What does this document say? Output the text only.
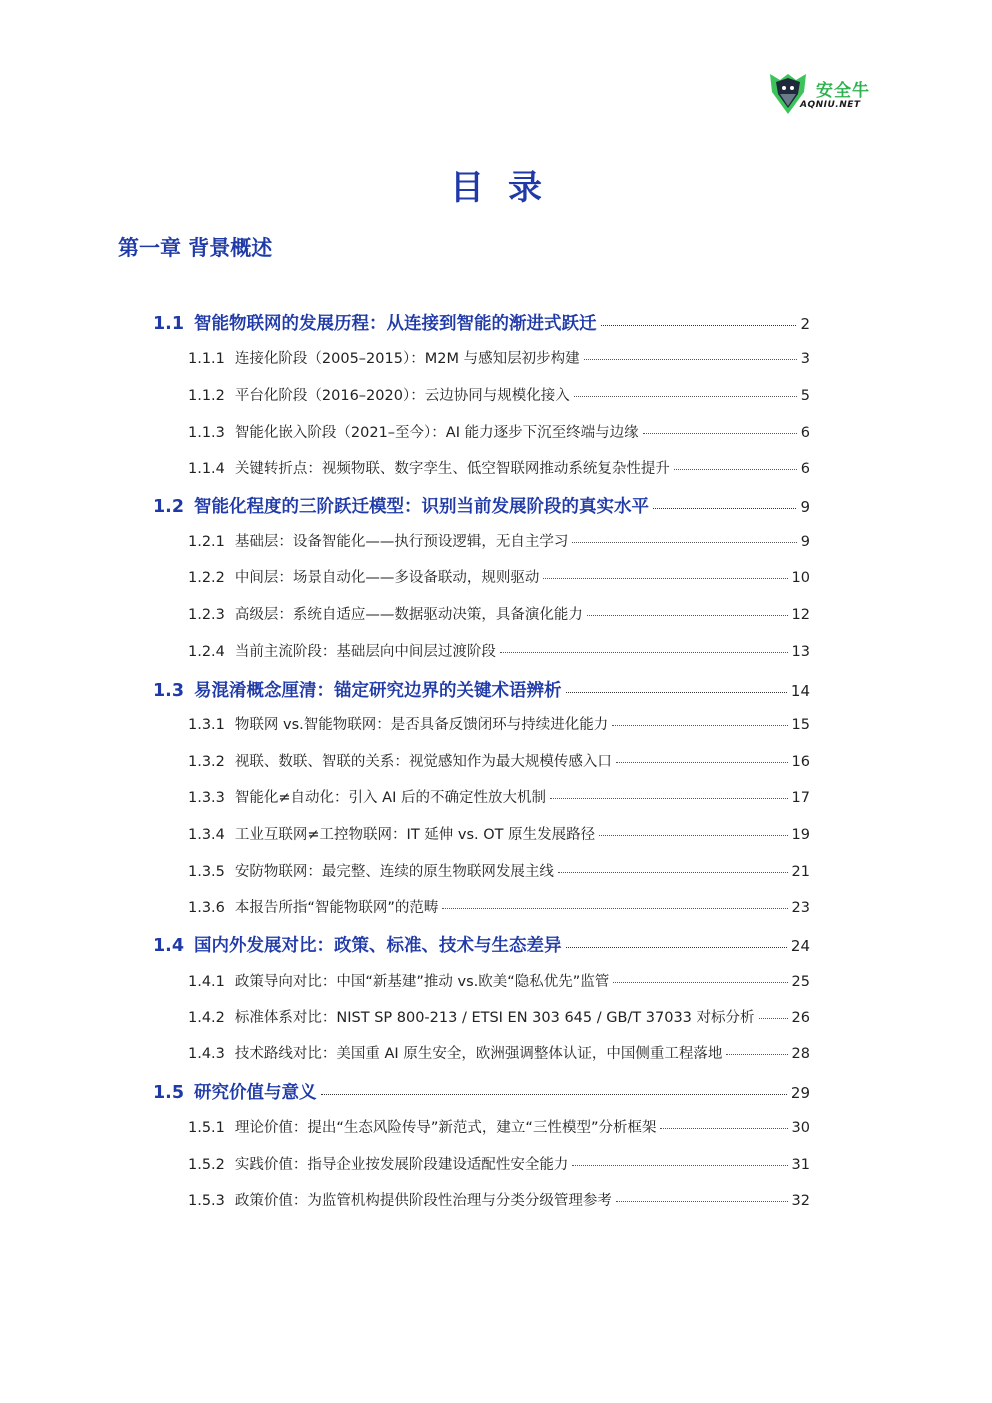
安全牛
AQNIU.NET
目录
第一章 背景概述
1.1 智能物联网的发展历程：从连接到智能的渐进式跃迁	2
1.1.1 连接化阶段（2005–2015）：M2M 与感知层初步构建	3
1.1.2 平台化阶段（2016–2020）：云边协同与规模化接入	5
1.1.3 智能化嵌入阶段（2021–至今）：AI 能力逐步下沉至终端与边缘	6
1.1.4 关键转折点：视频物联、数字孪生、低空智联网推动系统复杂性提升	6
1.2 智能化程度的三阶跃迁模型：识别当前发展阶段的真实水平	9
1.2.1 基础层：设备智能化——执行预设逻辑，无自主学习	9
1.2.2 中间层：场景自动化——多设备联动，规则驱动	10
1.2.3 高级层：系统自适应——数据驱动决策，具备演化能力	12
1.2.4 当前主流阶段：基础层向中间层过渡阶段	13
1.3 易混淆概念厘清：锚定研究边界的关键术语辨析	14
1.3.1 物联网 vs.智能物联网：是否具备反馈闭环与持续进化能力	15
1.3.2 视联、数联、智联的关系：视觉感知作为最大规模传感入口	16
1.3.3 智能化≠自动化：引入 AI 后的不确定性放大机制	17
1.3.4 工业互联网≠工控物联网：IT 延伸 vs. OT 原生发展路径	19
1.3.5 安防物联网：最完整、连续的原生物联网发展主线	21
1.3.6 本报告所指“智能物联网”的范畴	23
1.4 国内外发展对比：政策、标准、技术与生态差异	24
1.4.1 政策导向对比：中国“新基建”推动 vs.欧美“隐私优先”监管	25
1.4.2 标准体系对比：NIST SP 800-213 / ETSI EN 303 645 / GB/T 37033 对标分析	26
1.4.3 技术路线对比：美国重 AI 原生安全，欧洲强调整体认证，中国侧重工程落地	28
1.5 研究价值与意义	29
1.5.1 理论价值：提出“生态风险传导”新范式，建立“三性模型”分析框架	30
1.5.2 实践价值：指导企业按发展阶段建设适配性安全能力	31
1.5.3 政策价值：为监管机构提供阶段性治理与分类分级管理参考	32
